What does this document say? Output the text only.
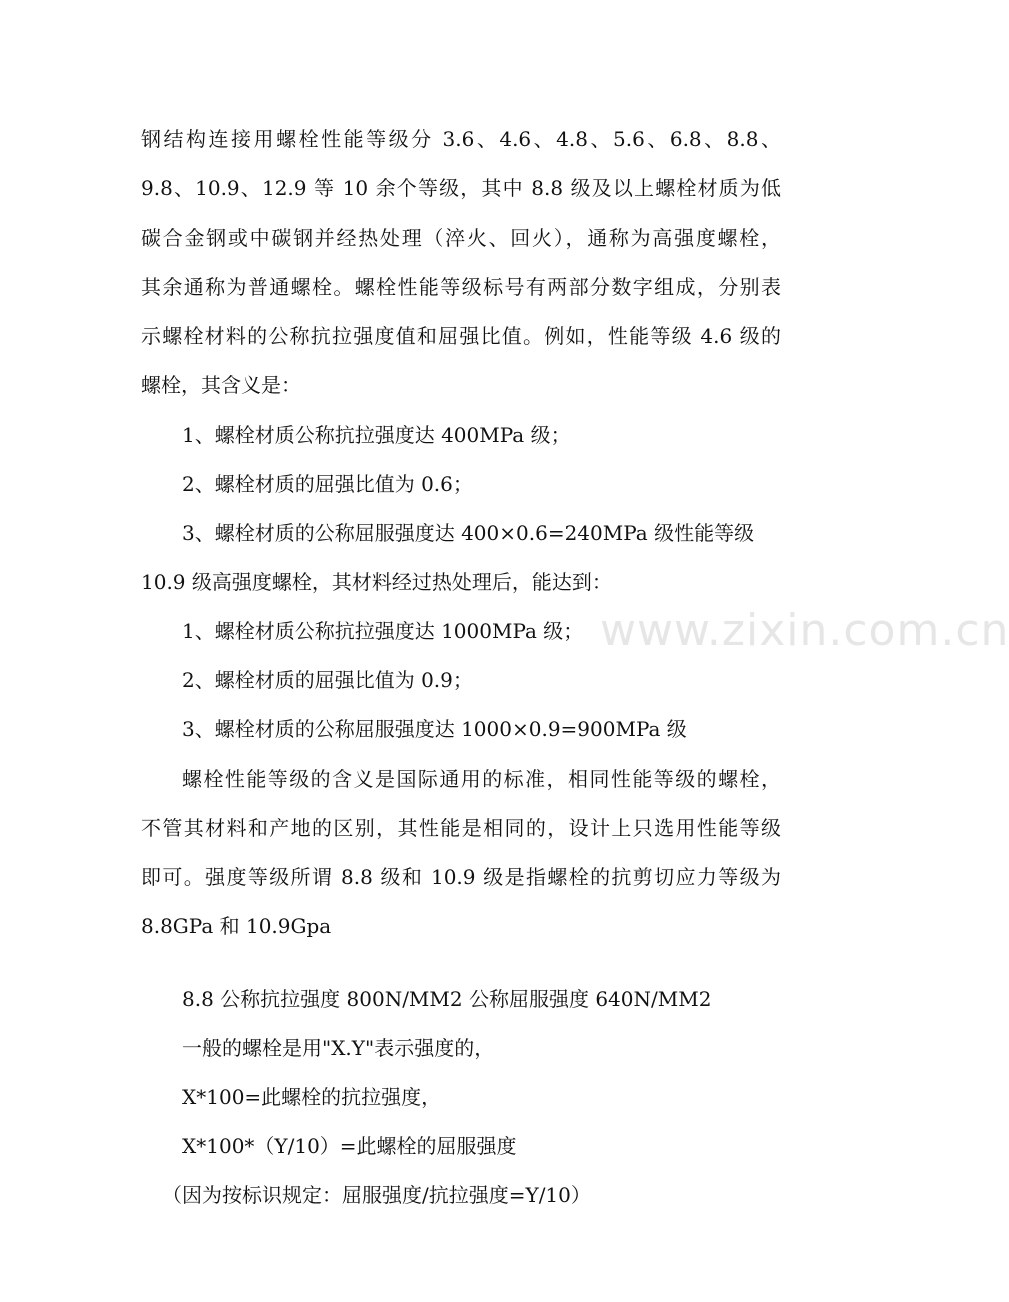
www.zixin.com.cn
钢结构连接用螺栓性能等级分 3.6、4.6、4.8、5.6、6.8、8.8、
9.8、10.9、12.9 等 10 余个等级，其中 8.8 级及以上螺栓材质为低
碳合金钢或中碳钢并经热处理（淬火、回火），通称为高强度螺栓，
其余通称为普通螺栓。螺栓性能等级标号有两部分数字组成，分别表
示螺栓材料的公称抗拉强度值和屈强比值。例如，性能等级 4.6 级的
螺栓，其含义是：
1、螺栓材质公称抗拉强度达 400MPa 级；
2、螺栓材质的屈强比值为 0.6；
3、螺栓材质的公称屈服强度达 400×0.6=240MPa 级性能等级
10.9 级高强度螺栓，其材料经过热处理后，能达到：
1、螺栓材质公称抗拉强度达 1000MPa 级；
2、螺栓材质的屈强比值为 0.9；
3、螺栓材质的公称屈服强度达 1000×0.9=900MPa 级
螺栓性能等级的含义是国际通用的标准，相同性能等级的螺栓，
不管其材料和产地的区别，其性能是相同的，设计上只选用性能等级
即可。强度等级所谓 8.8 级和 10.9 级是指螺栓的抗剪切应力等级为
8.8GPa 和 10.9Gpa
8.8 公称抗拉强度 800N/MM2 公称屈服强度 640N/MM2
一般的螺栓是用"X.Y"表示强度的，
X*100=此螺栓的抗拉强度，
X*100*（Y/10）=此螺栓的屈服强度
（因为按标识规定：屈服强度/抗拉强度=Y/10）
